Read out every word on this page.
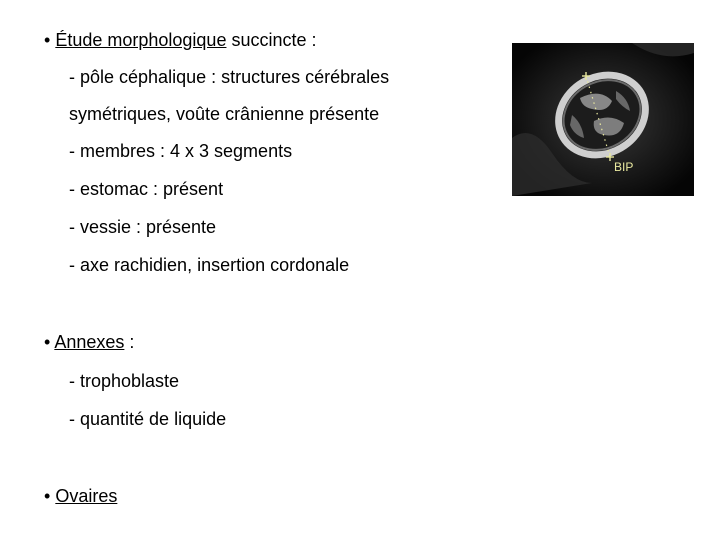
• Étude morphologique succincte :
- pôle céphalique : structures cérébrales
symétriques, voûte crânienne présente
- membres : 4 x 3 segments
- estomac : présent
- vessie : présente
- axe rachidien, insertion cordonale
• Annexes :
- trophoblaste
- quantité de liquide
• Ovaires
BIP
